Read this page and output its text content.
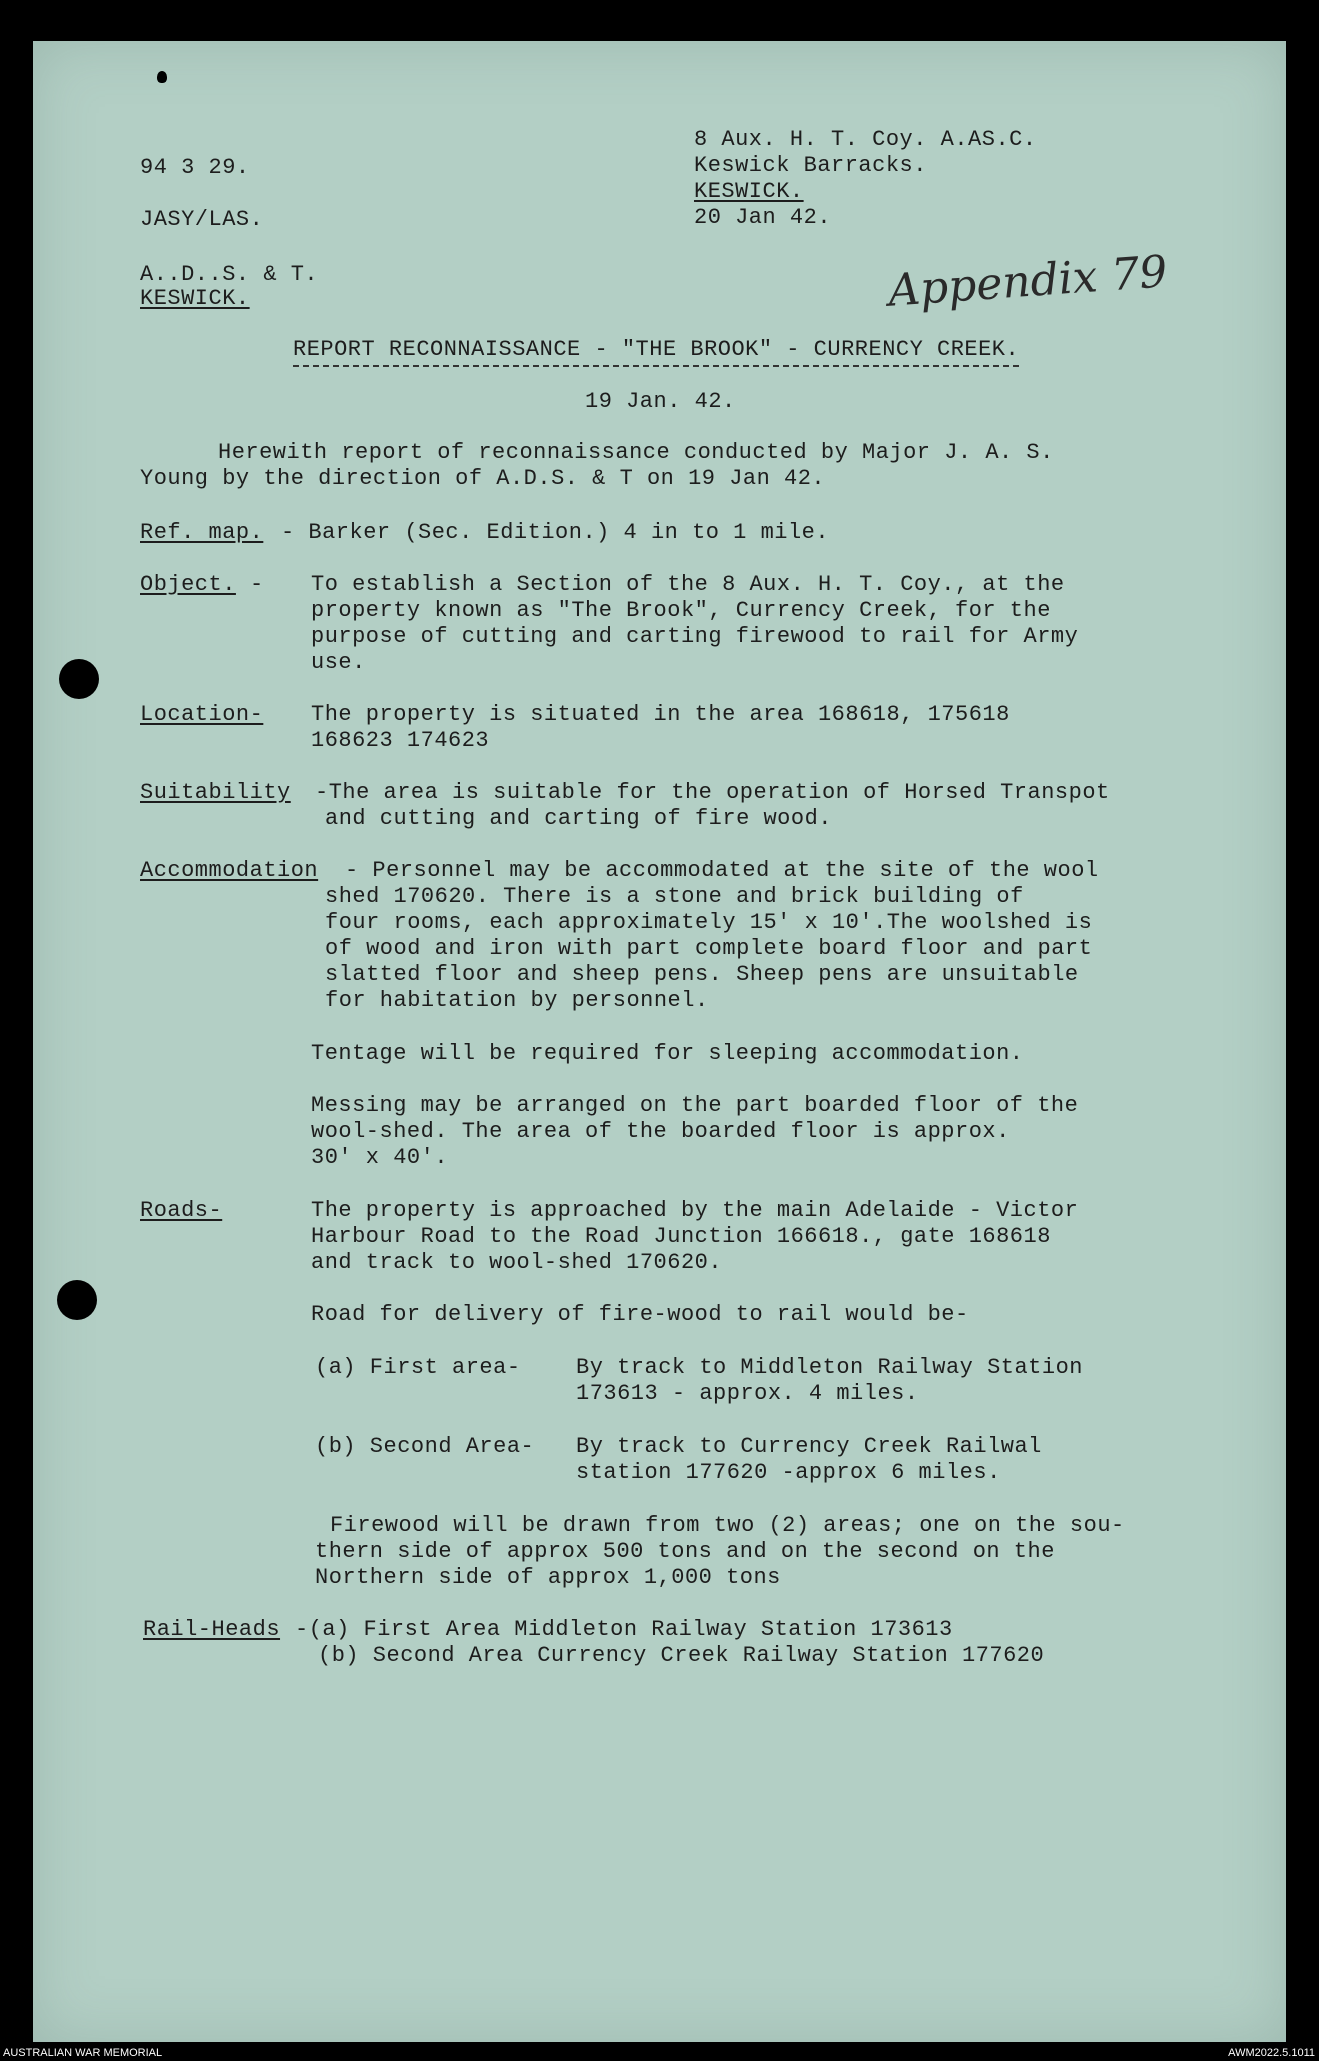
94 3 29.

JASY/LAS.

A..D..S. & T.

KESWICK.

8 Aux. H. T. Coy. A.AS.C.

Keswick Barracks.

KESWICK.

20 Jan 42.

Appendix 79

REPORT RECONNAISSANCE - "THE BROOK" - CURRENCY CREEK.

19 Jan. 42.

Herewith report of reconnaissance conducted by Major J. A. S.

Young by the direction of A.D.S. & T on 19 Jan 42.

Ref. map. - Barker (Sec. Edition.) 4 in to 1 mile.

Object. - To establish a Section of the 8 Aux. H. T. Coy., at the

property known as "The Brook", Currency Creek, for the

purpose of cutting and carting firewood to rail for Army

use.

Location- The property is situated in the area 168618, 175618

168623 174623

Suitability -The area is suitable for the operation of Horsed Transpot

and cutting and carting of fire wood.

Accommodation - Personnel may be accommodated at the site of the wool

shed 170620. There is a stone and brick building of

four rooms, each approximately 15' x 10'.The woolshed is

of wood and iron with part complete board floor and part

slatted floor and sheep pens. Sheep pens are unsuitable

for habitation by personnel.

Tentage will be required for sleeping accommodation.

Messing may be arranged on the part boarded floor of the

wool-shed. The area of the boarded floor is approx.

30' x 40'.

Roads-	The property is approached by the main Adelaide - Victor

Harbour Road to the Road Junction 166618., gate 168618

and track to wool-shed 170620.

Road for delivery of fire-wood to rail would be-

(a) First area-	By track to Middleton Railway Station

173613 - approx. 4 miles.

(b) Second Area- By track to Currency Creek Railwal

station 177620 -approx 6 miles.

Firewood will be drawn from two (2) areas; one on the sou-

thern side of approx 500 tons and on the second on the

Northern side of approx 1,000 tons

Rail-Heads -(a) First Area Middleton Railway Station 173613

(b) Second Area Currency Creek Railway Station 177620

AUSTRALIAN WAR MEMORIAL	AWM2022.5.1011
